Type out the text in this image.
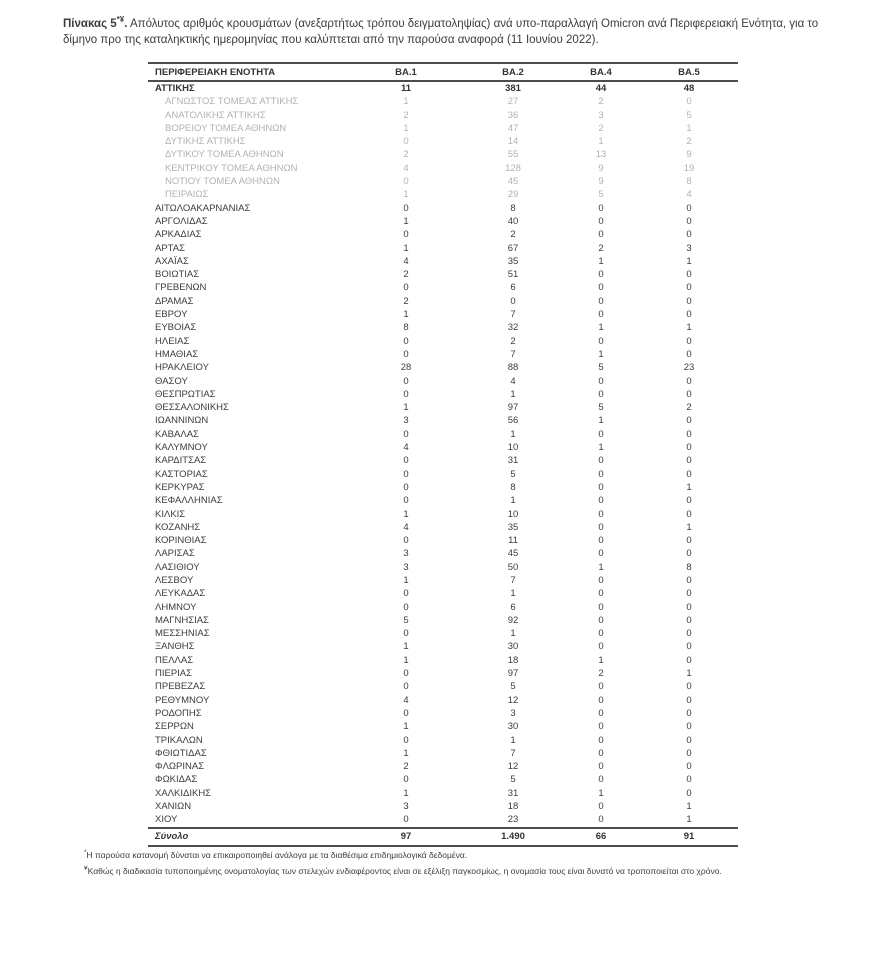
Πίνακας 5*¥. Απόλυτος αριθμός κρουσμάτων (ανεξαρτήτως τρόπου δειγματοληψίας) ανά υπο-παραλλαγή Omicron ανά Περιφερειακή Ενότητα, για το δίμηνο προ της καταληκτικής ημερομηνίας που καλύπτεται από την παρούσα αναφορά (11 Ιουνίου 2022).
ΠΕΡΙΦΕΡΕΙΑΚΗ ΕΝΟΤΗΤΑ	ΒΑ.1	ΒΑ.2	ΒΑ.4	ΒΑ.5
ΑΤΤΙΚΗΣ	11	381	44	48
ΑΓΝΩΣΤΟΣ ΤΟΜΕΑΣ ΑΤΤΙΚΗΣ	1	27	2	0
ΑΝΑΤΟΛΙΚΗΣ ΑΤΤΙΚΗΣ	2	36	3	5
ΒΟΡΕΙΟΥ ΤΟΜΕΑ ΑΘΗΝΩΝ	1	47	2	1
ΔΥΤΙΚΗΣ ΑΤΤΙΚΗΣ	0	14	1	2
ΔΥΤΙΚΟΥ ΤΟΜΕΑ ΑΘΗΝΩΝ	2	55	13	9
ΚΕΝΤΡΙΚΟΥ ΤΟΜΕΑ ΑΘΗΝΩΝ	4	128	9	19
ΝΟΤΙΟΥ ΤΟΜΕΑ ΑΘΗΝΩΝ	0	45	9	8
ΠΕΙΡΑΙΩΣ	1	29	5	4
ΑΙΤΩΛΟΑΚΑΡΝΑΝΙΑΣ	0	8	0	0
ΑΡΓΟΛΙΔΑΣ	1	40	0	0
ΑΡΚΑΔΙΑΣ	0	2	0	0
ΑΡΤΑΣ	1	67	2	3
ΑΧΑΪΑΣ	4	35	1	1
ΒΟΙΩΤΙΑΣ	2	51	0	0
ΓΡΕΒΕΝΩΝ	0	6	0	0
ΔΡΑΜΑΣ	2	0	0	0
ΕΒΡΟΥ	1	7	0	0
ΕΥΒΟΙΑΣ	8	32	1	1
ΗΛΕΙΑΣ	0	2	0	0
ΗΜΑΘΙΑΣ	0	7	1	0
ΗΡΑΚΛΕΙΟΥ	28	88	5	23
ΘΑΣΟΥ	0	4	0	0
ΘΕΣΠΡΩΤΙΑΣ	0	1	0	0
ΘΕΣΣΑΛΟΝΙΚΗΣ	1	97	5	2
ΙΩΑΝΝΙΝΩΝ	3	56	1	0
ΚΑΒΑΛΑΣ	0	1	0	0
ΚΑΛΥΜΝΟΥ	4	10	1	0
ΚΑΡΔΙΤΣΑΣ	0	31	0	0
ΚΑΣΤΟΡΙΑΣ	0	5	0	0
ΚΕΡΚΥΡΑΣ	0	8	0	1
ΚΕΦΑΛΛΗΝΙΑΣ	0	1	0	0
ΚΙΛΚΙΣ	1	10	0	0
ΚΟΖΑΝΗΣ	4	35	0	1
ΚΟΡΙΝΘΙΑΣ	0	11	0	0
ΛΑΡΙΣΑΣ	3	45	0	0
ΛΑΣΙΘΙΟΥ	3	50	1	8
ΛΕΣΒΟΥ	1	7	0	0
ΛΕΥΚΑΔΑΣ	0	1	0	0
ΛΗΜΝΟΥ	0	6	0	0
ΜΑΓΝΗΣΙΑΣ	5	92	0	0
ΜΕΣΣΗΝΙΑΣ	0	1	0	0
ΞΑΝΘΗΣ	1	30	0	0
ΠΕΛΛΑΣ	1	18	1	0
ΠΙΕΡΙΑΣ	0	97	2	1
ΠΡΕΒΕΖΑΣ	0	5	0	0
ΡΕΘΥΜΝΟΥ	4	12	0	0
ΡΟΔΟΠΗΣ	0	3	0	0
ΣΕΡΡΩΝ	1	30	0	0
ΤΡΙΚΑΛΩΝ	0	1	0	0
ΦΘΙΩΤΙΔΑΣ	1	7	0	0
ΦΛΩΡΙΝΑΣ	2	12	0	0
ΦΩΚΙΔΑΣ	0	5	0	0
ΧΑΛΚΙΔΙΚΗΣ	1	31	1	0
ΧΑΝΙΩΝ	3	18	0	1
ΧΙΟΥ	0	23	0	1
Σύνολο	97	1.490	66	91
*Η παρούσα κατανομή δύναται να επικαιροποιηθεί ανάλογα με τα διαθέσιμα επιδημιολογικά δεδομένα.
¥Καθώς η διαδικασία τυποποιημένης ονοματολογίας των στελεχών ενδιαφέροντος είναι σε εξέλιξη παγκοσμίως, η ονομασία τους είναι δυνατό να τροποποιείται στο χρόνο.
